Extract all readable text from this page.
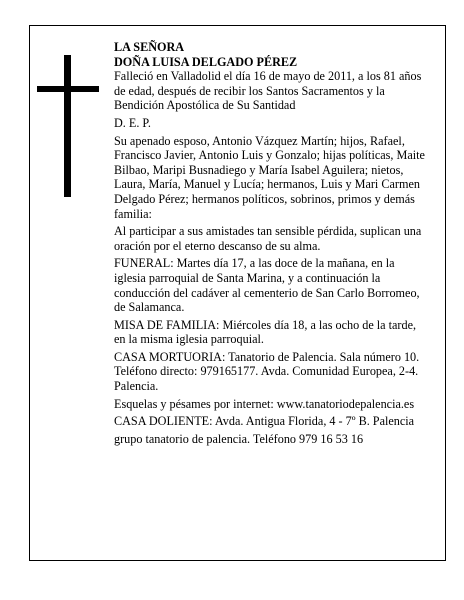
LA SEÑORA
DOÑA LUISA DELGADO PÉREZ

Falleció en Valladolid el día 16 de mayo de 2011, a los 81 años de edad, después de recibir los Santos Sacramentos y la Bendición Apostólica de Su Santidad

D. E. P.

Su apenado esposo, Antonio Vázquez Martín; hijos, Rafael, Francisco Javier, Antonio Luis y Gonzalo; hijas políticas, Maite Bilbao, Maripi Busnadiego y María Isabel Aguilera; nietos, Laura, María, Manuel y Lucía; hermanos, Luis y Mari Carmen Delgado Pérez; hermanos políticos, sobrinos, primos y demás familia:

Al participar a sus amistades tan sensible pérdida, suplican una oración por el eterno descanso de su alma.

FUNERAL: Martes día 17, a las doce de la mañana, en la iglesia parroquial de Santa Marina, y a continuación la conducción del cadáver al cementerio de San Carlo Borromeo, de Salamanca.

MISA DE FAMILIA: Miércoles día 18, a las ocho de la tarde, en la misma iglesia parroquial.

CASA MORTUORIA: Tanatorio de Palencia. Sala número 10. Teléfono directo: 979165177. Avda. Comunidad Europea, 2-4. Palencia.

Esquelas y pésames por internet: www.tanatoriodepalencia.es

CASA DOLIENTE: Avda. Antigua Florida, 4 - 7º B. Palencia

grupo tanatorio de palencia. Teléfono 979 16 53 16
